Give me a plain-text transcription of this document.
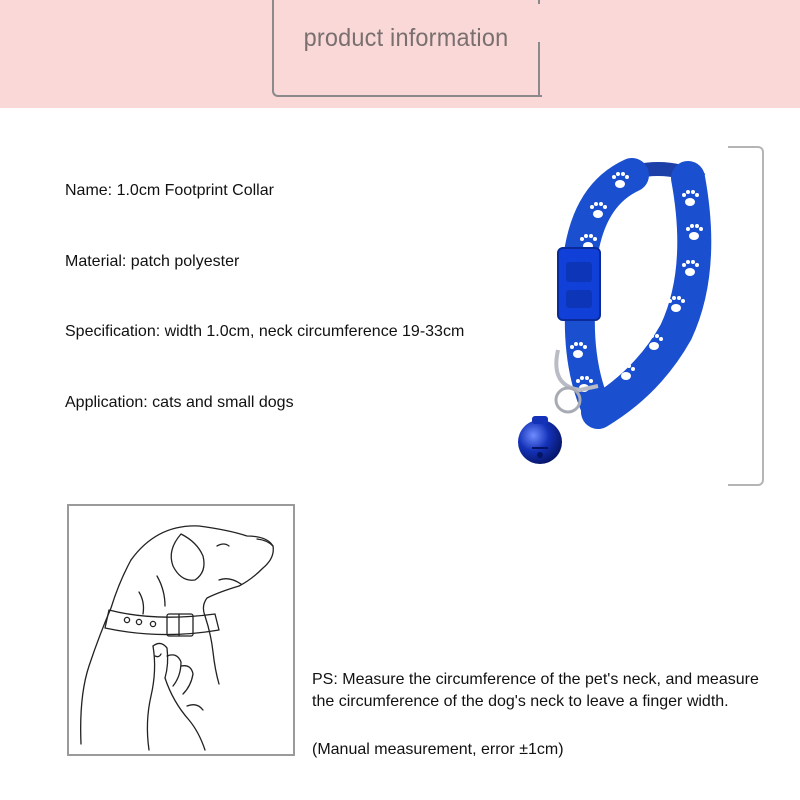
product information
Name: 1.0cm Footprint Collar
Material: patch polyester
Specification: width 1.0cm, neck circumference 19-33cm
Application: cats and small dogs
PS: Measure the circumference of the pet's neck, and measure the circumference of the dog's neck to leave a finger width.
(Manual measurement, error ±1cm)
